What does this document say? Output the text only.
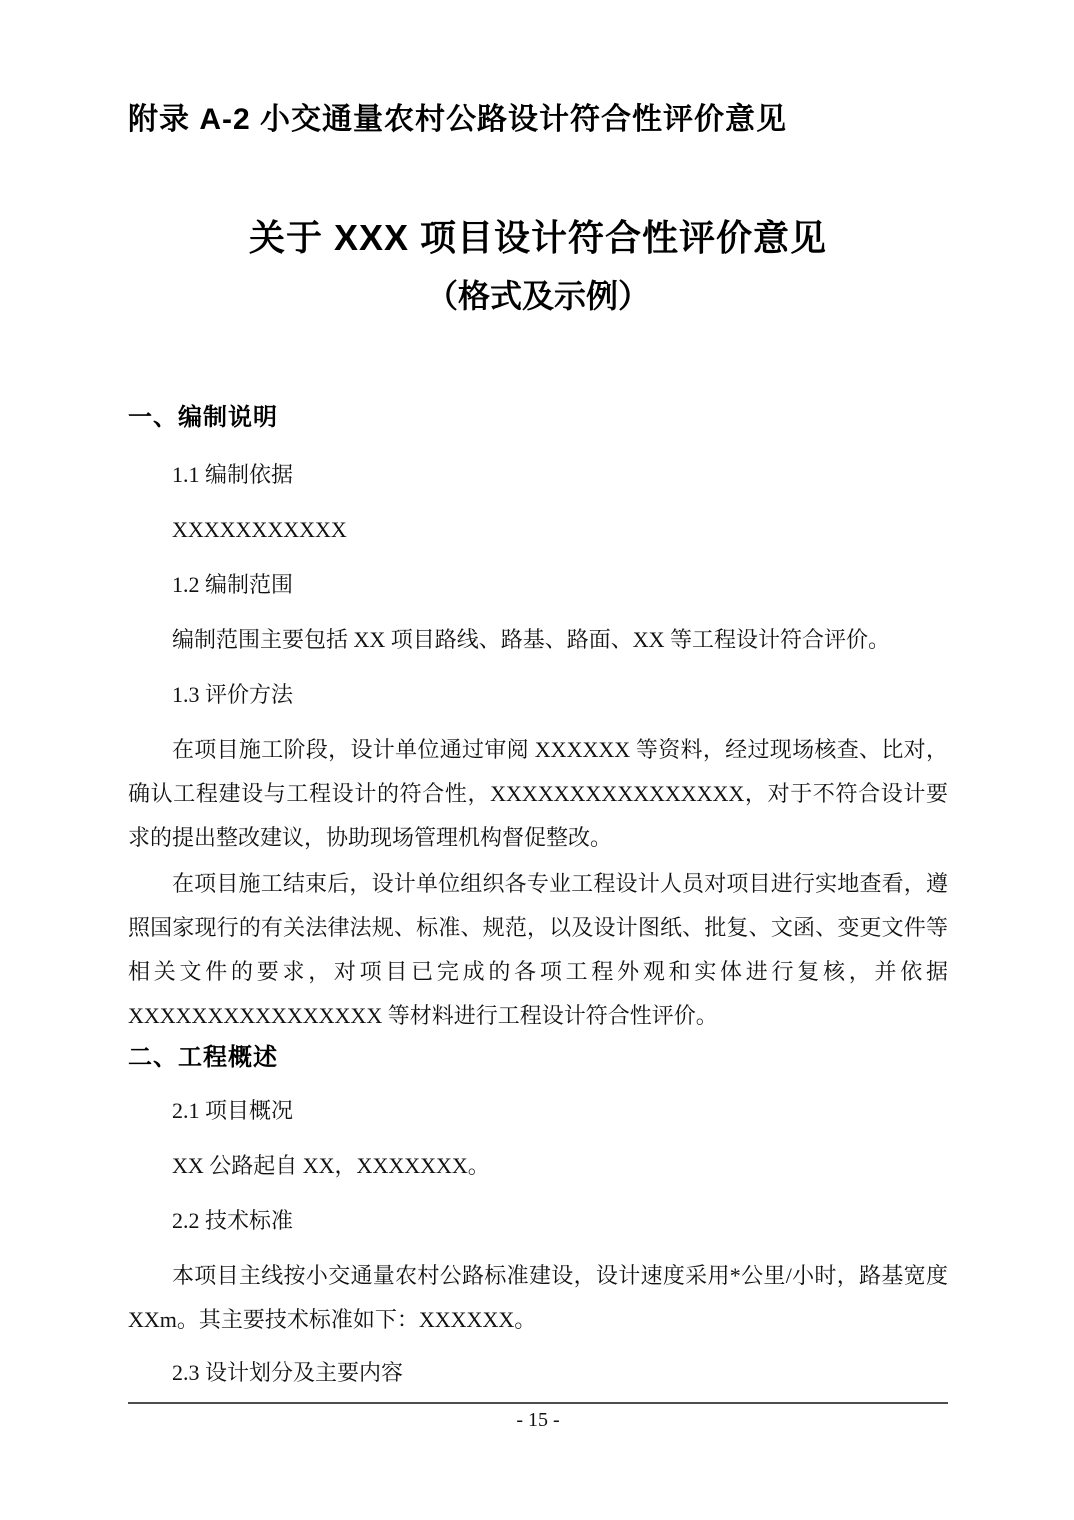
附录 A-2 小交通量农村公路设计符合性评价意见
关于 XXX 项目设计符合性评价意见
（格式及示例）
一、编制说明
1.1 编制依据
XXXXXXXXXXX
1.2 编制范围
编制范围主要包括 XX 项目路线、路基、路面、XX 等工程设计符合评价。
1.3 评价方法
在项目施工阶段，设计单位通过审阅 XXXXXX 等资料，经过现场核查、比对，确认工程建设与工程设计的符合性，XXXXXXXXXXXXXXXX，对于不符合设计要求的提出整改建议，协助现场管理机构督促整改。
在项目施工结束后，设计单位组织各专业工程设计人员对项目进行实地查看，遵照国家现行的有关法律法规、标准、规范，以及设计图纸、批复、文函、变更文件等相关文件的要求，对项目已完成的各项工程外观和实体进行复核，并依据 XXXXXXXXXXXXXXXX 等材料进行工程设计符合性评价。
二、工程概述
2.1 项目概况
XX 公路起自 XX，XXXXXXX。
2.2 技术标准
本项目主线按小交通量农村公路标准建设，设计速度采用*公里/小时，路基宽度 XXm。其主要技术标准如下：XXXXXX。
2.3 设计划分及主要内容
- 15 -
